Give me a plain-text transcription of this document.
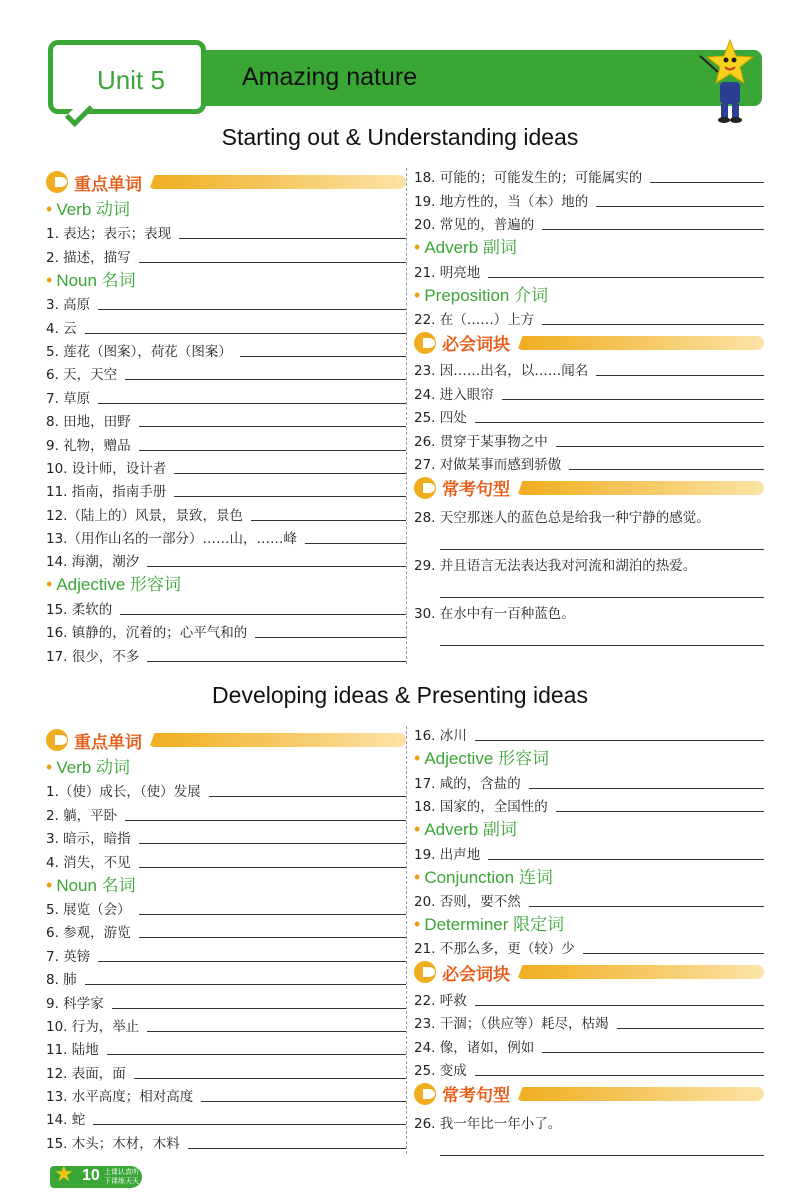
Unit 5	Amazing nature
Starting out & Understanding ideas
重点单词
• Verb 动词
1. 表达；表示；表现
2. 描述，描写
• Noun 名词
3. 高原
4. 云
5. 莲花（图案），荷花（图案）
6. 天，天空
7. 草原
8. 田地，田野
9. 礼物，赠品
10. 设计师，设计者
11. 指南，指南手册
12.（陆上的）风景，景致，景色
13.（用作山名的一部分）……山，……峰
14. 海潮，潮汐
• Adjective 形容词
15. 柔软的
16. 镇静的，沉着的；心平气和的
17. 很少，不多
18. 可能的；可能发生的；可能属实的
19. 地方性的，当（本）地的
20. 常见的，普遍的
• Adverb 副词
21. 明亮地
• Preposition 介词
22. 在（……）上方
必会词块
23. 因……出名，以……闻名
24. 进入眼帘
25. 四处
26. 贯穿于某事物之中
27. 对做某事而感到骄傲
常考句型
28. 天空那迷人的蓝色总是给我一种宁静的感觉。
29. 并且语言无法表达我对河流和湖泊的热爱。
30. 在水中有一百种蓝色。
Developing ideas & Presenting ideas
重点单词
• Verb 动词
1.（使）成长，（使）发展
2. 躺，平卧
3. 暗示，暗指
4. 消失，不见
• Noun 名词
5. 展览（会）
6. 参观，游览
7. 英镑
8. 肺
9. 科学家
10. 行为，举止
11. 陆地
12. 表面，面
13. 水平高度；相对高度
14. 蛇
15. 木头；木材，木料
16. 冰川
• Adjective 形容词
17. 咸的，含盐的
18. 国家的，全国性的
• Adverb 副词
19. 出声地
• Conjunction 连词
20. 否则，要不然
• Determiner 限定词
21. 不那么多，更（较）少
必会词块
22. 呼救
23. 干涸；（供应等）耗尽，枯竭
24. 像，诸如，例如
25. 变成
常考句型
26. 我一年比一年小了。
★ 10 上课认真听
下课练天天
